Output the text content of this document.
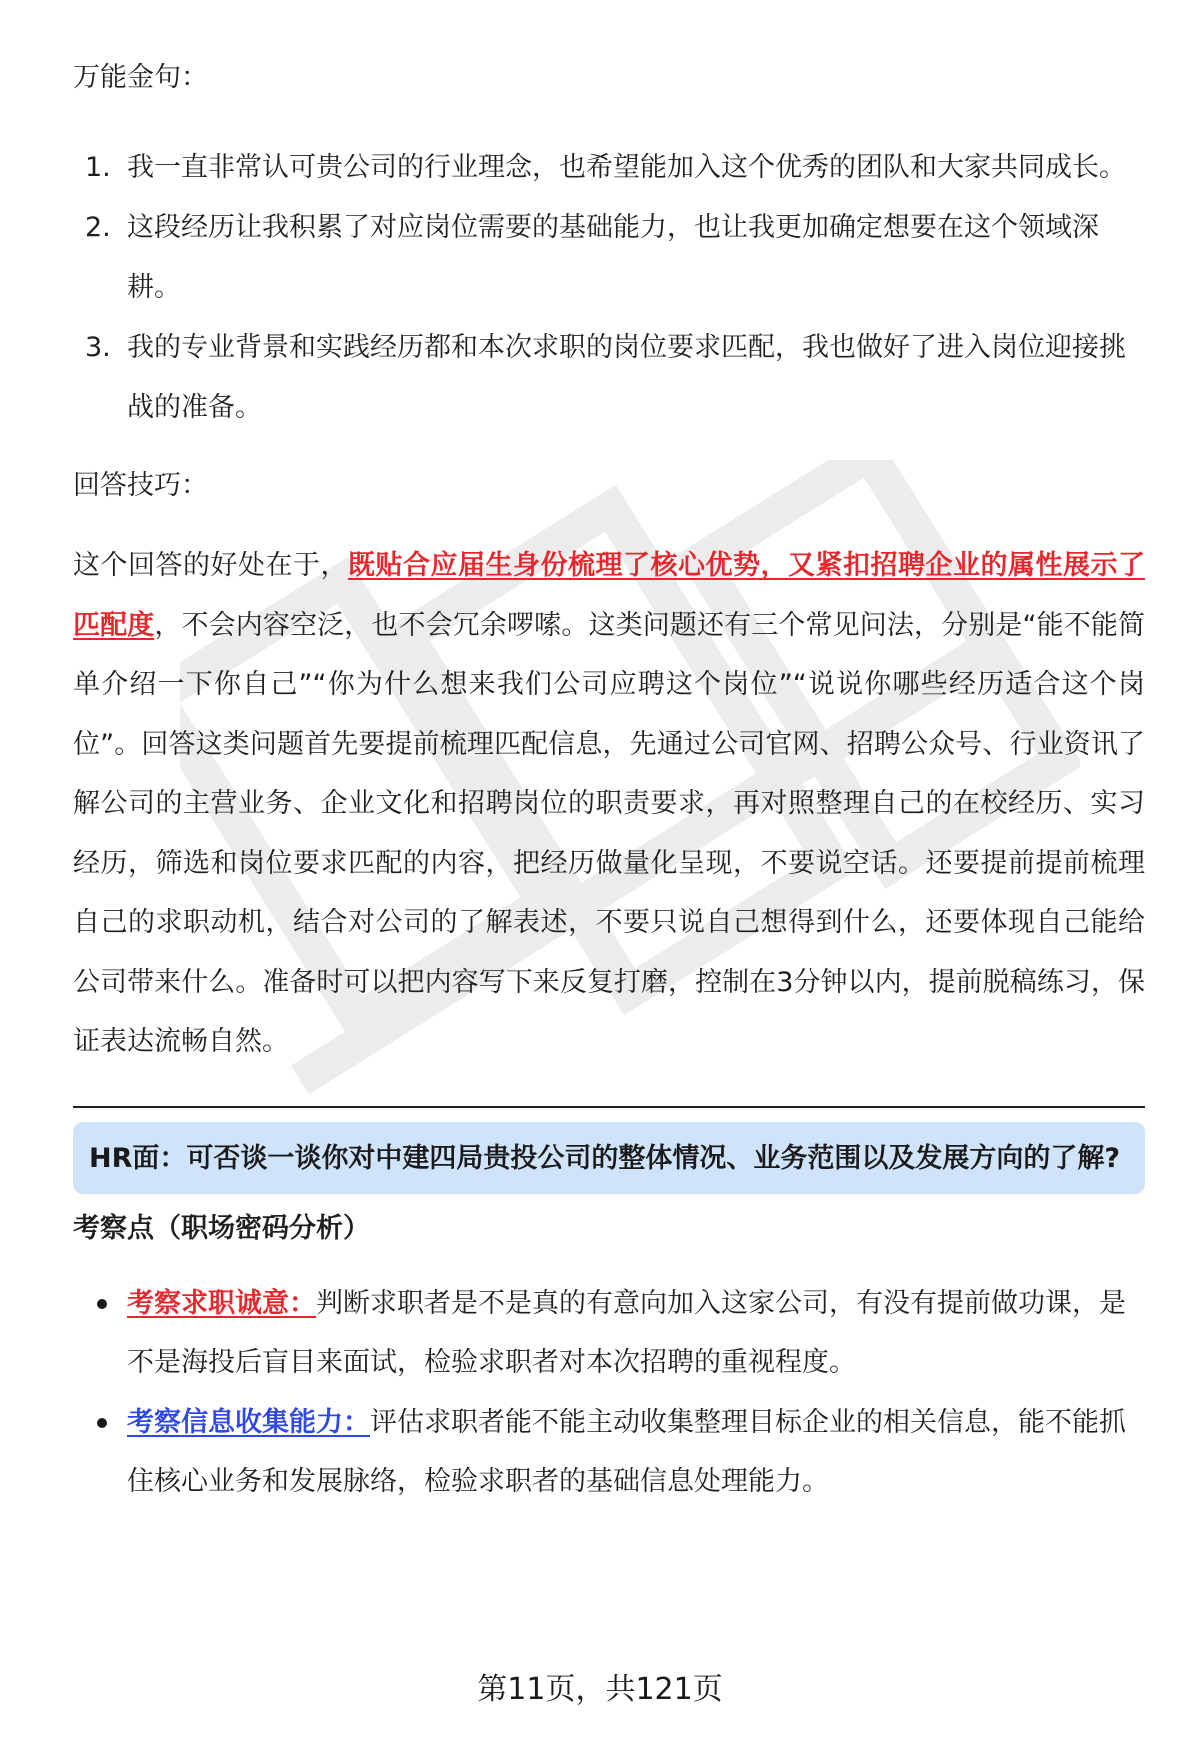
万能金句：

1. 我一直非常认可贵公司的行业理念，也希望能加入这个优秀的团队和大家共同成长。
2. 这段经历让我积累了对应岗位需要的基础能力，也让我更加确定想要在这个领域深耕。
3. 我的专业背景和实践经历都和本次求职的岗位要求匹配，我也做好了进入岗位迎接挑战的准备。

回答技巧：

这个回答的好处在于，既贴合应届生身份梳理了核心优势，又紧扣招聘企业的属性展示了匹配度，不会内容空泛，也不会冗余啰嗦。这类问题还有三个常见问法，分别是“能不能简单介绍一下你自己”“你为什么想来我们公司应聘这个岗位”“说说你哪些经历适合这个岗位”。回答这类问题首先要提前梳理匹配信息，先通过公司官网、招聘公众号、行业资讯了解公司的主营业务、企业文化和招聘岗位的职责要求，再对照整理自己的在校经历、实习经历，筛选和岗位要求匹配的内容，把经历做量化呈现，不要说空话。还要提前提前梳理自己的求职动机，结合对公司的了解表述，不要只说自己想得到什么，还要体现自己能给公司带来什么。准备时可以把内容写下来反复打磨，控制在3分钟以内，提前脱稿练习，保证表达流畅自然。

HR面：可否谈一谈你对中建四局贵投公司的整体情况、业务范围以及发展方向的了解?
考察点（职场密码分析）
考察求职诚意：判断求职者是不是真的有意向加入这家公司，有没有提前做功课，是不是海投后盲目来面试，检验求职者对本次招聘的重视程度。
考察信息收集能力：评估求职者能不能主动收集整理目标企业的相关信息，能不能抓住核心业务和发展脉络，检验求职者的基础信息处理能力。
第11页，共121页
